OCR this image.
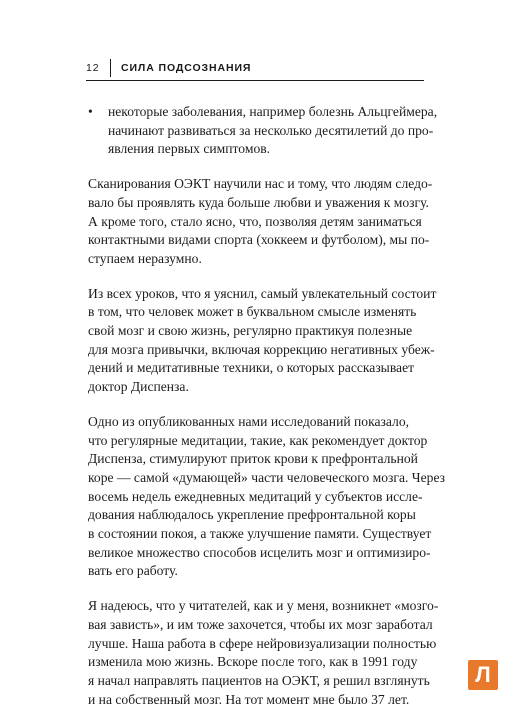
12	СИЛА ПОДСОЗНАНИЯ
• некоторые заболевания, например болезнь Альцгеймера,
начинают развиваться за несколько десятилетий до про-
явления первых симптомов.

Сканирования ОЭКТ научили нас и тому, что людям следо-
вало бы проявлять куда больше любви и уважения к мозгу.
А кроме того, стало ясно, что, позволяя детям заниматься
контактными видами спорта (хоккеем и футболом), мы по-
ступаем неразумно.

Из всех уроков, что я уяснил, самый увлекательный состоит
в том, что человек может в буквальном смысле изменять
свой мозг и свою жизнь, регулярно практикуя полезные
для мозга привычки, включая коррекцию негативных убеж-
дений и медитативные техники, о которых рассказывает
доктор Диспенза.

Одно из опубликованных нами исследований показало,
что регулярные медитации, такие, как рекомендует доктор
Диспенза, стимулируют приток крови к префронтальной
коре — самой «думающей» части человеческого мозга. Через
восемь недель ежедневных медитаций у субъектов иссле-
дования наблюдалось укрепление префронтальной коры
в состоянии покоя, а также улучшение памяти. Существует
великое множество способов исцелить мозг и оптимизиро-
вать его работу.

Я надеюсь, что у читателей, как и у меня, возникнет «мозго-
вая зависть», и им тоже захочется, чтобы их мозг заработал
лучше. Наша работа в сфере нейровизуализации полностью
изменила мою жизнь. Вскоре после того, как в 1991 году
я начал направлять пациентов на ОЭКТ, я решил взглянуть
и на собственный мозг. На тот момент мне было 37 лет.

Л
